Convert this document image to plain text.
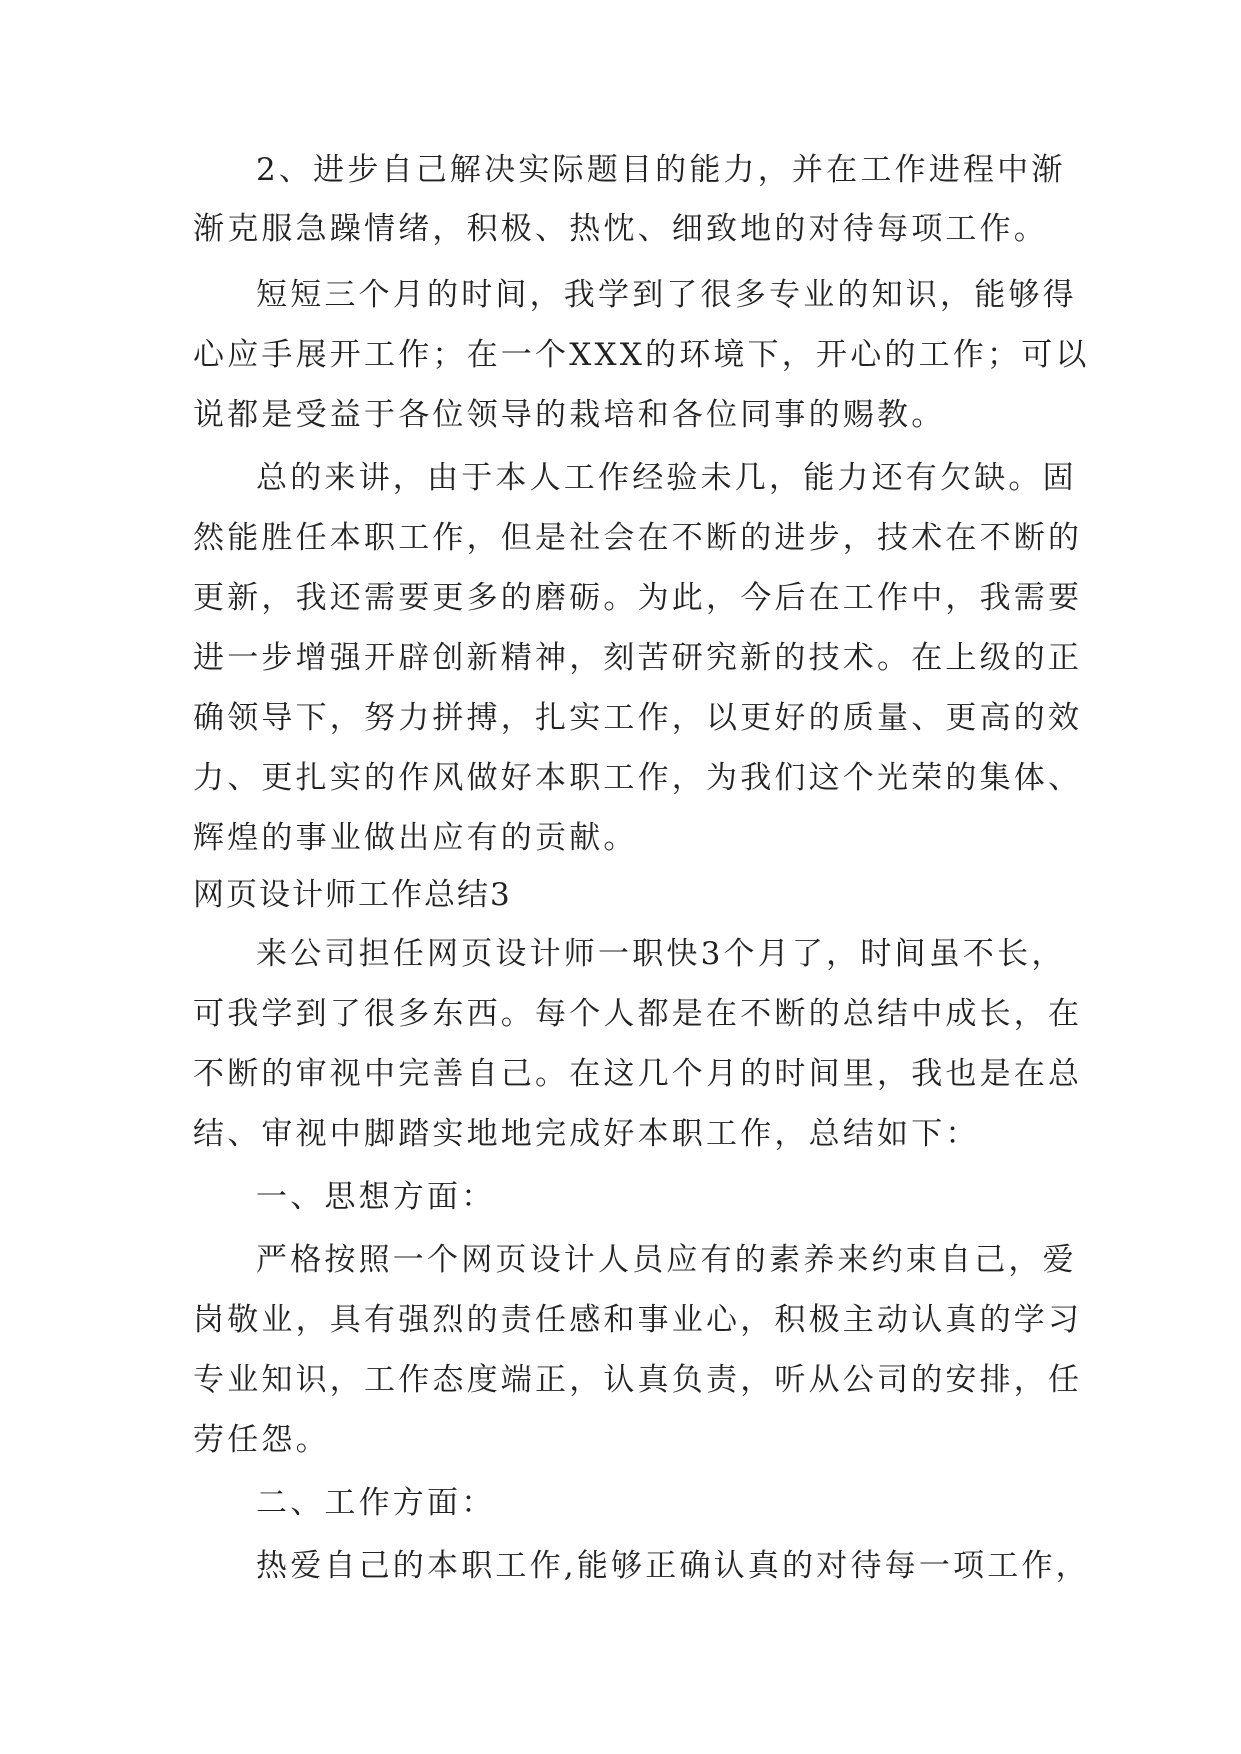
2、进步自己解决实际题目的能力，并在工作进程中渐
渐克服急躁情绪，积极、热忱、细致地的对待每项工作。
短短三个月的时间，我学到了很多专业的知识，能够得
心应手展开工作；在一个XXX的环境下，开心的工作；可以
说都是受益于各位领导的栽培和各位同事的赐教。
总的来讲，由于本人工作经验未几，能力还有欠缺。固
然能胜任本职工作，但是社会在不断的进步，技术在不断的
更新，我还需要更多的磨砺。为此，今后在工作中，我需要
进一步增强开辟创新精神，刻苦研究新的技术。在上级的正
确领导下，努力拼搏，扎实工作，以更好的质量、更高的效
力、更扎实的作风做好本职工作，为我们这个光荣的集体、
辉煌的事业做出应有的贡献。
网页设计师工作总结3
来公司担任网页设计师一职快3个月了，时间虽不长，
可我学到了很多东西。每个人都是在不断的总结中成长，在
不断的审视中完善自己。在这几个月的时间里，我也是在总
结、审视中脚踏实地地完成好本职工作，总结如下：
一、思想方面：
严格按照一个网页设计人员应有的素养来约束自己，爱
岗敬业，具有强烈的责任感和事业心，积极主动认真的学习
专业知识，工作态度端正，认真负责，听从公司的安排，任
劳任怨。
二、工作方面：
热爱自己的本职工作,能够正确认真的对待每一项工作，
